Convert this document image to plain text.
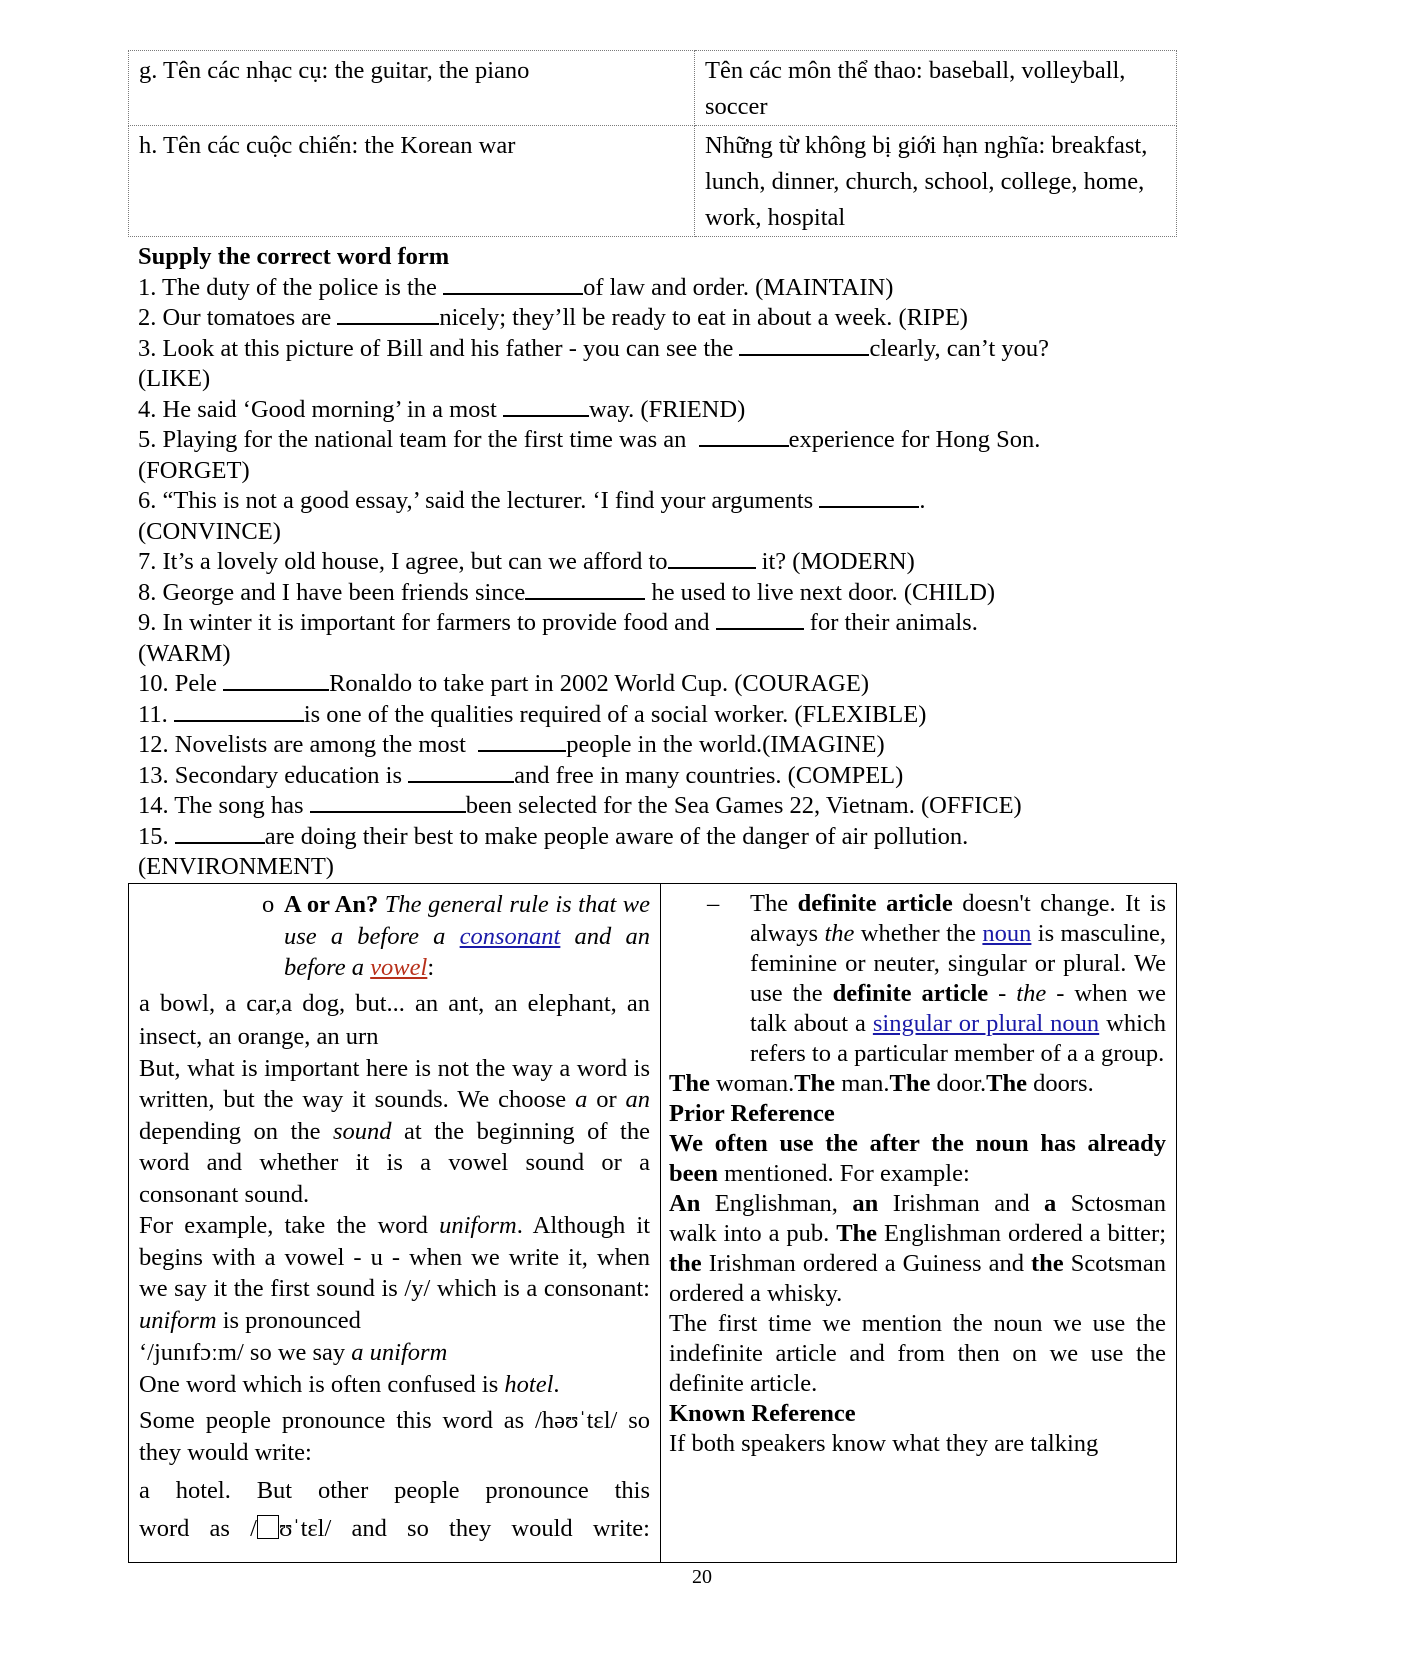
g. Tên các nhạc cụ: the guitar, the piano	Tên các môn thể thao: baseball, volleyball, soccer
h. Tên các cuộc chiến: the Korean war	Những từ không bị giới hạn nghĩa: breakfast, lunch, dinner, church, school, college, home, work, hospital
Supply the correct word form
1. The duty of the police is the	of law and order. (MAINTAIN)
2. Our tomatoes are	nicely; they’ll be ready to eat in about a week. (RIPE)
3. Look at this picture of Bill and his father - you can see the	clearly, can’t you?
(LIKE)
4. He said ‘Good morning’ in a most	way. (FRIEND)
5. Playing for the national team for the first time was an	experience for Hong Son.
(FORGET)
6. “This is not a good essay,’ said the lecturer. ‘I find your arguments	.
(CONVINCE)
7. It’s a lovely old house, I agree, but can we afford to	it? (MODERN)
8. George and I have been friends since	he used to live next door. (CHILD)
9. In winter it is important for farmers to provide food and	for their animals.
(WARM)
10. Pele	Ronaldo to take part in 2002 World Cup. (COURAGE)
11.	is one of the qualities required of a social worker. (FLEXIBLE)
12. Novelists are among the most	people in the world.(IMAGINE)
13. Secondary education is	and free in many countries. (COMPEL)
14. The song has	been selected for the Sea Games 22, Vietnam. (OFFICE)
15.	are doing their best to make people aware of the danger of air pollution.
(ENVIRONMENT)
o A or An? The general rule is that we use a before a consonant and an before a vowel:
a bowl, a car,a dog, but... an ant, an elephant, an insect, an orange, an urn
But, what is important here is not the way a word is written, but the way it sounds. We choose a or an depending on the sound at the beginning of the word and whether it is a vowel sound or a consonant sound.
For example, take the word uniform. Although it begins with a vowel - u - when we write it, when we say it the first sound is /y/ which is a consonant: uniform is pronounced
‘/junɪfɔːm/ so we say a uniform
One word which is often confused is hotel.
Some people pronounce this word as /həʊˈtɛl/ so they would write:
a hotel. But other people pronounce this
word as / ʊˈtɛl/ and so they would write:
– The definite article doesn't change. It is always the whether the noun is masculine, feminine or neuter, singular or plural. We use the definite article - the - when we talk about a singular or plural noun which refers to a particular member of a a group.
The woman.The man.The door.The doors.
Prior Reference
We often use the after the noun has already been mentioned. For example:
An Englishman, an Irishman and a Sctosman walk into a pub. The Englishman ordered a bitter; the Irishman ordered a Guiness and the Scotsman ordered a whisky.
The first time we mention the noun we use the indefinite article and from then on we use the definite article.
Known Reference
If both speakers know what they are talking
20
